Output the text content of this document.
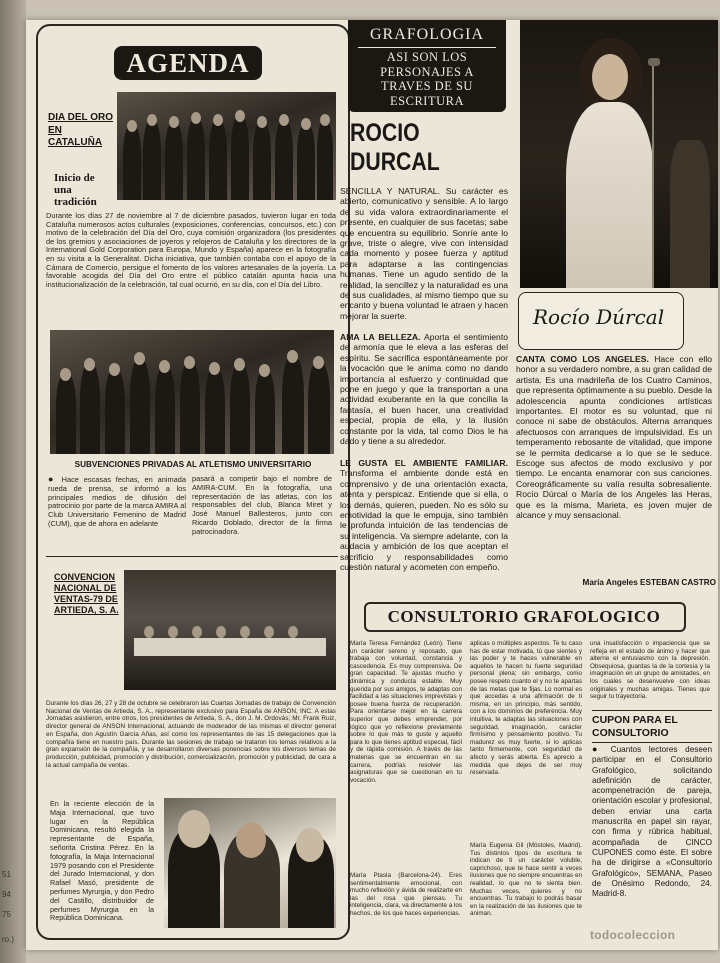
51
94
75
ro.)
AGENDA
DIA DEL ORO EN CATALUÑA
Inicio de una tradición
Durante los días 27 de noviembre al 7 de diciembre pasados, tuvieron lugar en toda Cataluña numerosos actos culturales (exposiciones, conferencias, concursos, etc.) con motivo de la celebración del Día del Oro, cuya comisión organizadora (los presidentes de los gremios y asociaciones de joyeros y relojeros de Cataluña y los directores de la International Gold Corporation para Europa, Mundo y España) aparece en la fotografía en su visita a la Generalitat. Dicha iniciativa, que también contaba con el apoyo de la Cámara de Comercio, persigue el fomento de los valores artesanales de la joyería. La favorable acogida del Día del Oro entre el público catalán apunta hacia una institucionalización de la celebración, tal cual ocurrió, en su día, con el Día del Libro.
SUBVENCIONES PRIVADAS AL ATLETISMO UNIVERSITARIO
● Hace escasas fechas, en animada rueda de prensa, se informó a los principales medios de difusión del patrocinio por parte de la marca AMIRA al Club Universitario Femenino de Madrid (CUM), que de ahora en adelante
pasará a competir bajo el nombre de AMIRA-CUM. En la fotografía, una representación de las atletas, con los responsables del club, Blanca Miret y José Manuel Ballesteros, junto con Ricardo Doblado, director de la firma patrocinadora.
CONVENCION NACIONAL DE VENTAS-79 DE ARTIEDA, S. A.
Durante los días 26, 27 y 28 de octubre se celebraron las Cuartas Jornadas de trabajo de Convención Nacional de Ventas de Artieda, S. A., representante exclusivo para España de ANSON, INC. A estas Jornadas asistieron, entre otros, los presidentes de Artieda, S. A., don J. M. Ordovás; Mr. Frank Ruiz, director general de ANSON Internacional, actuando de moderador de las mismas el director general en España, don Agustín García Añas, así como los representantes de las 15 delegaciones que la compañía tiene en nuestro país. Durante las sesiones de trabajo se trataron los temas relativos a la gran expansión de la compañía, y se desarrollaron diversas ponencias sobre los diversos temas de producción, publicidad, promoción y distribución, comercialización, promoción y publicidad, de cara a la actual campaña de ventas.
En la reciente elección de la Maja Internacional, que tuvo lugar en la República Dominicana, resultó elegida la representante de España, señorita Cristina Pérez. En la fotografía, la Maja Internacional 1979 posando con el Presidente del Jurado Internacional, y don Rafael Masó, presidente de perfumes Myrurgia, y don Pedro del Castillo, distribuidor de perfumes Myrurgia en la República Dominicana.
GRAFOLOGIA
ASI SON LOS PERSONAJES A TRAVES DE SU ESCRITURA
ROCIO
DURCAL
SENCILLA Y NATURAL. Su carácter es abierto, comunicativo y sensible. A lo largo de su vida valora extraordinariamente el presente, en cualquier de sus facetas; sabe que encuentra su equilibrio. Sonríe ante lo grave, triste o alegre, vive con intensidad cada momento y posee fuerza y aptitud para adaptarse a las contingencias humanas. Tiene un agudo sentido de la realidad, la sencillez y la naturalidad es una de sus cualidades, al mismo tiempo que su encanto y buena voluntad le atraen y hacen mejorar la suerte.
AMA LA BELLEZA. Aporta el sentimiento de armonía que le eleva a las esferas del espíritu. Se sacrifica espontáneamente por la vocación que le anima como no dando importancia al esfuerzo y continuidad que pone en juego y que la transportan a una actividad exuberante en la que concilia la fantasía, el buen hacer, una creatividad especial, propia de ella, y la ilusión constante por la vida, tal como Dios le ha dado y tiene a su alrededor.
LE GUSTA EL AMBIENTE FAMILIAR. Transforma el ambiente donde está en comprensivo y de una orientación exacta, atenta y perspicaz. Entiende que si ella, o los demás, quieren, pueden. No es sólo su emotividad la que le empuja, sino también le profunda intuición de las tendencias de su inteligencia. Va siempre adelante, con la audacia y ambición de los que aceptan el sacrificio y responsabilidades como cuestión natural y acometen con empeño.
Rocío Dúrcal
CANTA COMO LOS ANGELES. Hace con ello honor a su verdadero nombre, a su gran calidad de artista. Es una madrileña de los Cuatro Caminos, que representa óptimamente a su pueblo. Desde la adolescencia apunta condiciones artísticas importantes. El motor es su voluntad, que ni conoce ni sabe de obstáculos. Alterna arranques afectuosos con arranques de impulsividad. Es un temperamento rebosante de vitalidad, que impone se le permita dedicarse a lo que se le seduce. Escoge sus afectos de modo exclusivo y por tiempo. Le encanta enamorar con sus canciones. Coreográficamente su valía resulta sobresaliente. Rocío Dúrcal o María de los Angeles las Heras, que es la misma, Marieta, es joven mujer de alcance y muy sensacional.
María Angeles ESTEBAN CASTRO
CONSULTORIO GRAFOLOGICO
María Teresa Fernández (León). Tiene un carácter sereno y reposado, que trabaja con voluntad, constancia y cascedencia. Es muy comprensiva. De gran capacidad. Te ajustas mucho y dinámica y conducta estable. Muy querida por sus amigos, te adaptas con facilidad a las situaciones imprevistas y posee buena fuerza de recuperación. Para orientarse mejor en la carrera superior que debes emprender, por lógico que yo reflexione previamente sobre lo que más te guste y aquello para lo que tienes aptitud especial, fácil y de rápida comisión. A través de las materias que se encuentran en su carrera, podrías resolver las asignaturas que se cuestionan en tu vocación.
María Ptasla (Barcelona-24). Eres sentimentalmente emocional, con mucho reflexión y ávida de realizarte en las del rosa que piensas. Tu inteligencia, clara, va directamente a los hechos, de los que haces experiencias.
aplicas o múltiples aspectos. Te tu caso has de estar motivada, tú que sientes y las poder y te haces vulnerable en aquellos te hacen tu fuerte seguridad personal plena; sin embargo, como posee respeto cuanto el y no te apartas de las metas que te fijas. Lo normal es que accedas a una afirmación de ti misma, en un principio, más sentido, con a los dominios de preferencia. Muy intuitiva, te adaptas las situaciones con seguridad, imaginación, carácter firmísimo y pensamiento positivo. Tu madurez es muy fuerte, si lo aplicas tanto firmemente, con seguridad de afecto y serás abierta. Es aprecio a medida que dejes de ser muy reservada.
María Eugenia Gil (Móstoles, Madrid). Tus distintos tipos de escritura te indican de ti un carácter voluble, caprichoso, que te hace sentir a veces ilusiones que no siempre encuentras en realidad, lo que no te sienta bien. Muchas veces, quieres y no encuentras. Tu trabajo lo podrás basar en la realización de las ilusiones que te animan.
una insatisfacción o impaciencia que se refleja en el estado de ánimo y hacer que alterne el entusiasmo con la depresión. Obsequiosa, guardas la de la cortesía y la imaginación en un grupo de amistades, en los cuales se desenvuelve con ideas originales y muchas amigas. Tienes que seguir tu trayectoria.
CUPON PARA EL CONSULTORIO
● Cuantos lectores deseen participar en el Consultorio Grafológico, solicitando adefinición de carácter, acompenetración de pareja, orientación escolar y profesional, deben enviar una carta manuscrita en papel sin rayar, con firma y rúbrica habitual, acompañada de CINCO CUPONES como éste. El sobre ha de dirigirse a «Consultorio Grafológico», SEMANA, Paseo de Onésimo Redondo, 24. Madrid-8.
todocoleccion
